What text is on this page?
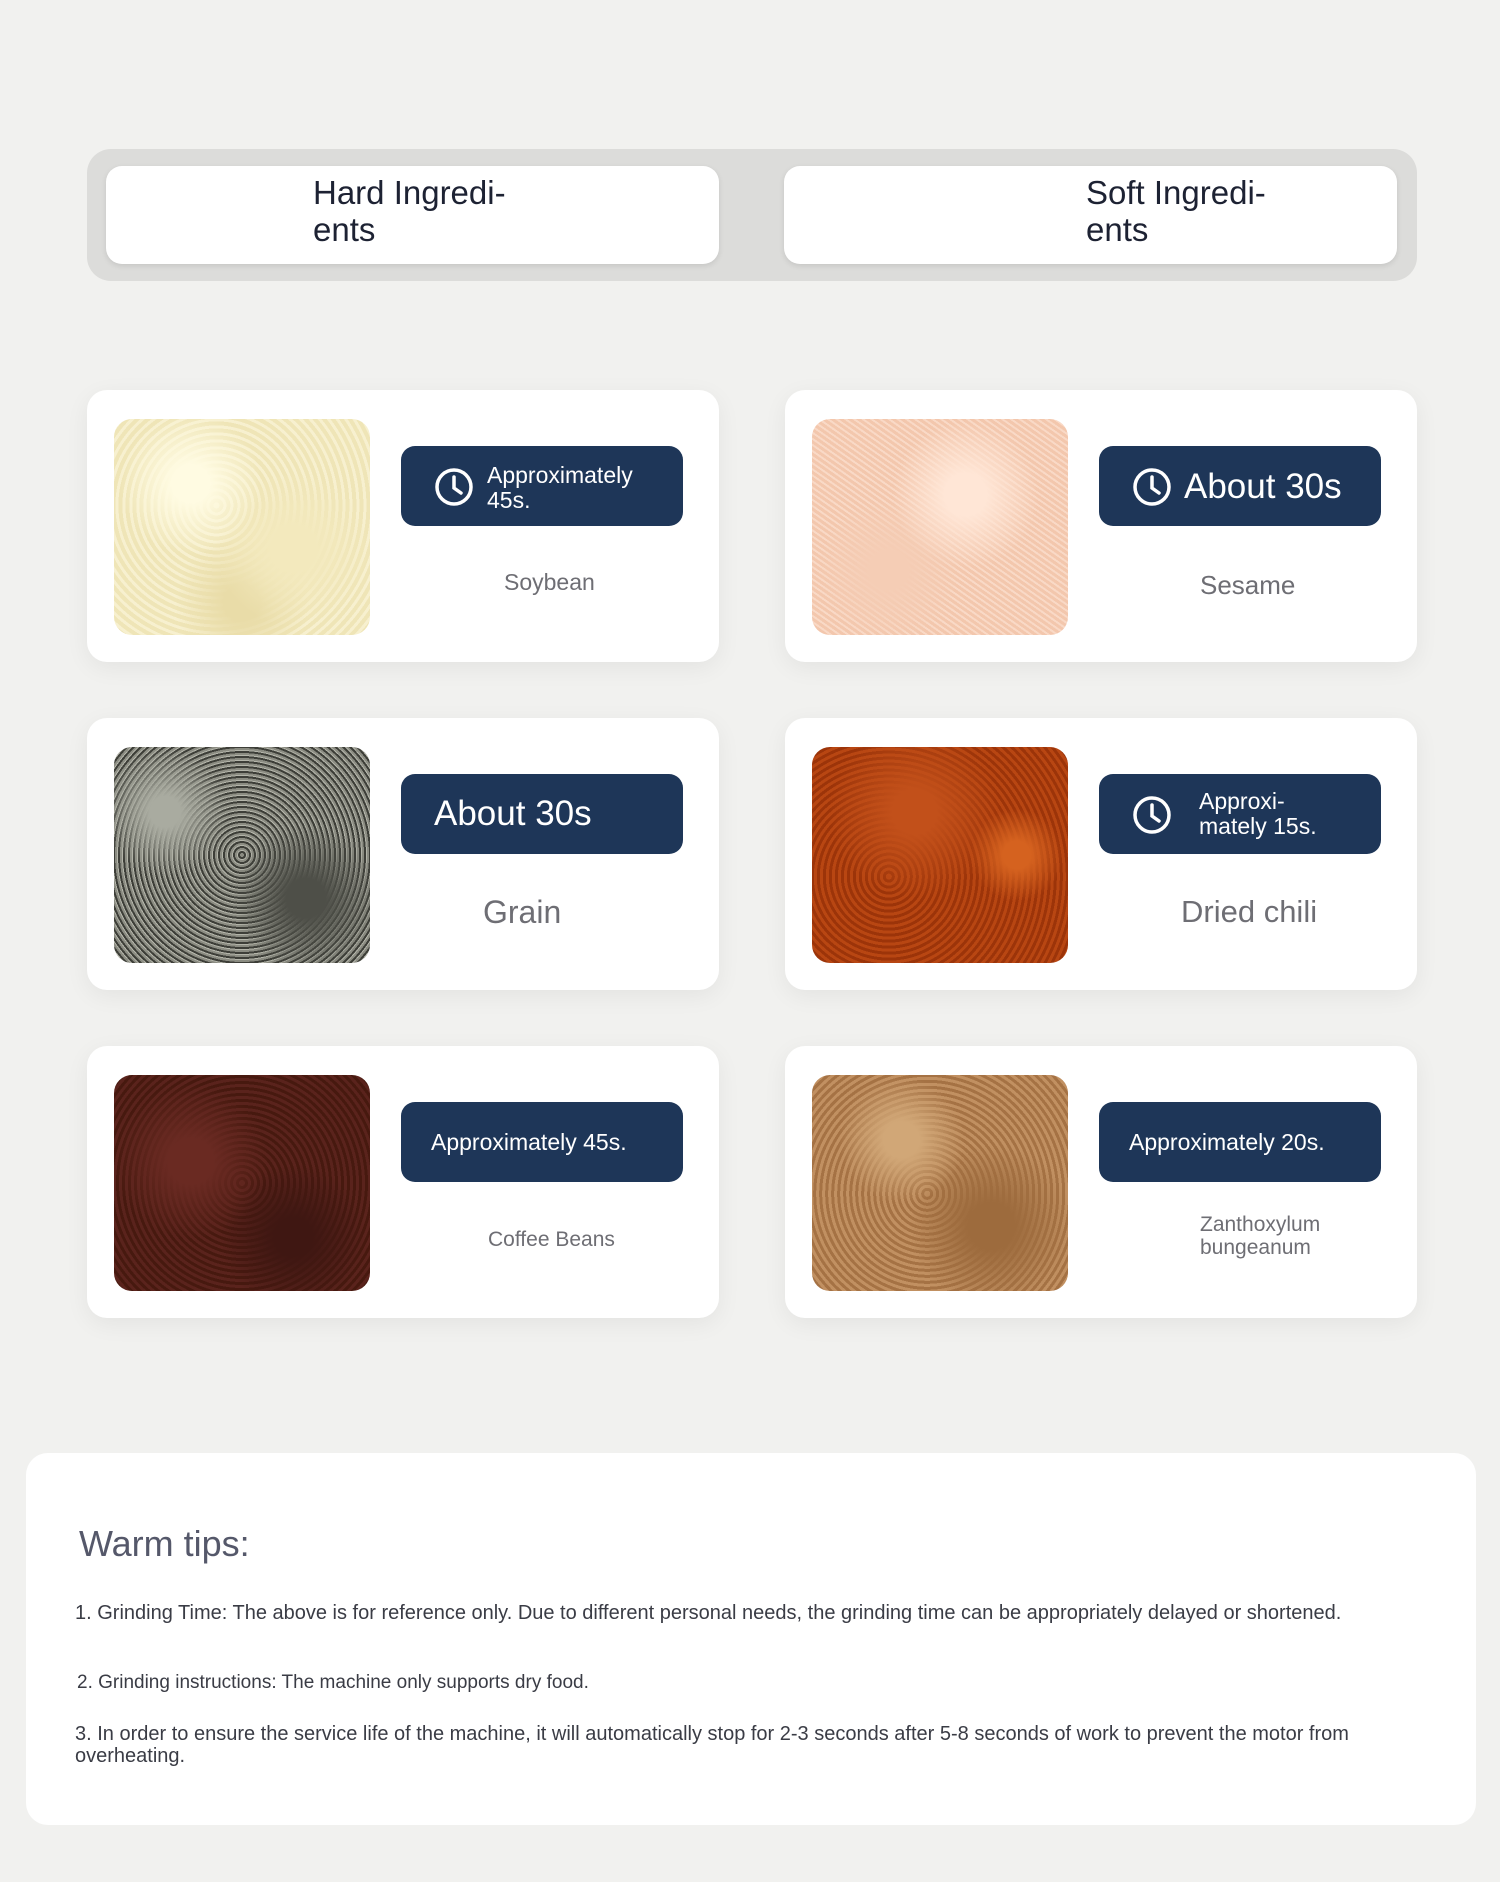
Hard Ingredi-
ents
Soft Ingredi-
ents
Approximately
45s.
Soybean
About 30s
Sesame
About 30s
Grain
Approxi-
mately 15s.
Dried chili
Approximately 45s.
Coffee Beans
Approximately 20s.
Zanthoxylum
bungeanum
Warm tips:
1. Grinding Time: The above is for reference only. Due to different personal needs, the grinding time can be appropriately delayed or shortened.
2. Grinding instructions: The machine only supports dry food.
3. In order to ensure the service life of the machine, it will automatically stop for 2-3 seconds after 5-8 seconds of work to prevent the motor from overheating.
